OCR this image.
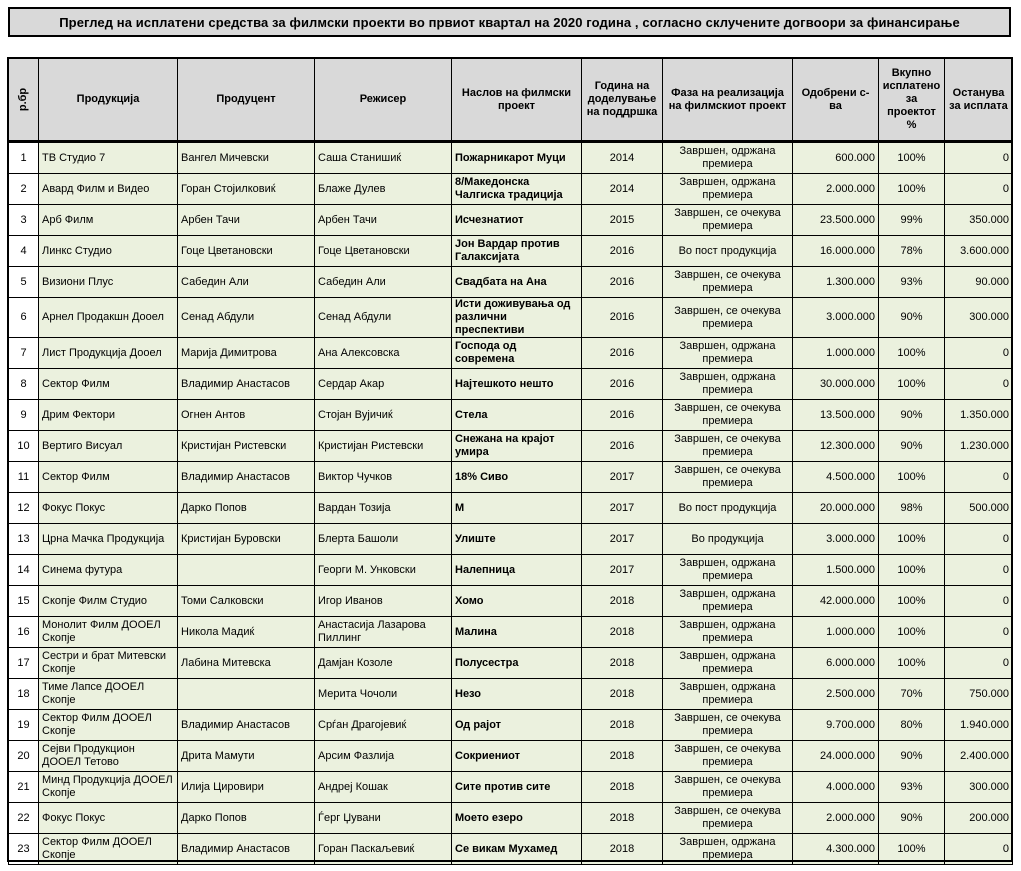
Преглед на исплатени средства за филмски проекти во првиот квартал на 2020 година , согласно склучените догвоори за финансирање
р.бр	Продукција	Продуцент	Режисер	Наслов на филмски проект	Година на доделување на поддршка	Фаза на реализација на филмскиот проект	Одобрени с-ва	Вкупно исплатено за проектот %	Останува за исплата
1	ТВ Студио 7	Вангел Мичевски	Саша Станишиќ	Пожарникарот Муци	2014	Завршен, одржана премиера	600.000	100%	0
2	Авард Филм и Видео	Горан Стојилковиќ	Блаже Дулев	8/Македонска Чалгиска традиција	2014	Завршен, одржана премиера	2.000.000	100%	0
3	Арб Филм	Арбен Тачи	Арбен Тачи	Исчезнатиот	2015	Завршен, се очекува премиера	23.500.000	99%	350.000
4	Линкс Студио	Гоце Цветановски	Гоце Цветановски	Јон Вардар против Галаксијата	2016	Во пост продукција	16.000.000	78%	3.600.000
5	Визиони Плус	Сабедин Али	Сабедин Али	Свадбата на Ана	2016	Завршен, се очекува премиера	1.300.000	93%	90.000
6	Арнел Продакшн Дооел	Сенад Абдули	Сенад Абдули	Исти доживувања од различни преспективи	2016	Завршен, се очекува премиера	3.000.000	90%	300.000
7	Лист Продукција Дооел	Марија Димитрова	Ана Алексовска	Господа од современа	2016	Завршен, одржана премиера	1.000.000	100%	0
8	Сектор Филм	Владимир Анастасов	Сердар Акар	Најтешкото нешто	2016	Завршен, одржана премиера	30.000.000	100%	0
9	Дрим Фектори	Огнен Антов	Стојан Вујичиќ	Стела	2016	Завршен, се очекува премиера	13.500.000	90%	1.350.000
10	Вертиго Висуал	Кристијан Ристевски	Кристијан Ристевски	Снежана на крајот умира	2016	Завршен, се очекува премиера	12.300.000	90%	1.230.000
11	Сектор Филм	Владимир Анастасов	Виктор Чучков	18% Сиво	2017	Завршен, се очекува премиера	4.500.000	100%	0
12	Фокус Покус	Дарко Попов	Вардан Тозија	М	2017	Во пост продукција	20.000.000	98%	500.000
13	Црна Мачка Продукција	Кристијан Буровски	Блерта Башоли	Улиште	2017	Во продукција	3.000.000	100%	0
14	Синема футура		Георги М. Унковски	Налепница	2017	Завршен, одржана премиера	1.500.000	100%	0
15	Скопје Филм Студио	Томи Салковски	Игор Иванов	Хомо	2018	Завршен, одржана премиера	42.000.000	100%	0
16	Монолит Филм ДООЕЛ Скопје	Никола Мадиќ	Анастасија Лазарова Пиллинг	Малина	2018	Завршен, одржана премиера	1.000.000	100%	0
17	Сестри и брат Митевски Скопје	Лабина Митевска	Дамјан Козоле	Полусестра	2018	Завршен, одржана премиера	6.000.000	100%	0
18	Тиме Лапсе ДООЕЛ Скопје		Мерита Чочоли	Незо	2018	Завршен, одржана премиера	2.500.000	70%	750.000
19	Сектор Филм ДООЕЛ Скопје	Владимир Анастасов	Срѓан Драгојевиќ	Од рајот	2018	Завршен, се очекува премиера	9.700.000	80%	1.940.000
20	Сејви Продукцион ДООЕЛ Тетово	Дрита Мамути	Арсим Фазлија	Сокриениот	2018	Завршен, се очекува премиера	24.000.000	90%	2.400.000
21	Минд Продукција ДООЕЛ Скопје	Илија Цировири	Андреј Кошак	Сите против сите	2018	Завршен, се очекува премиера	4.000.000	93%	300.000
22	Фокус Покус	Дарко Попов	Ѓерг Џувани	Моето езеро	2018	Завршен, се очекува премиера	2.000.000	90%	200.000
23	Сектор Филм ДООЕЛ Скопје	Владимир Анастасов	Горан Паскаљевиќ	Се викам Мухамед	2018	Завршен, одржана премиера	4.300.000	100%	0
